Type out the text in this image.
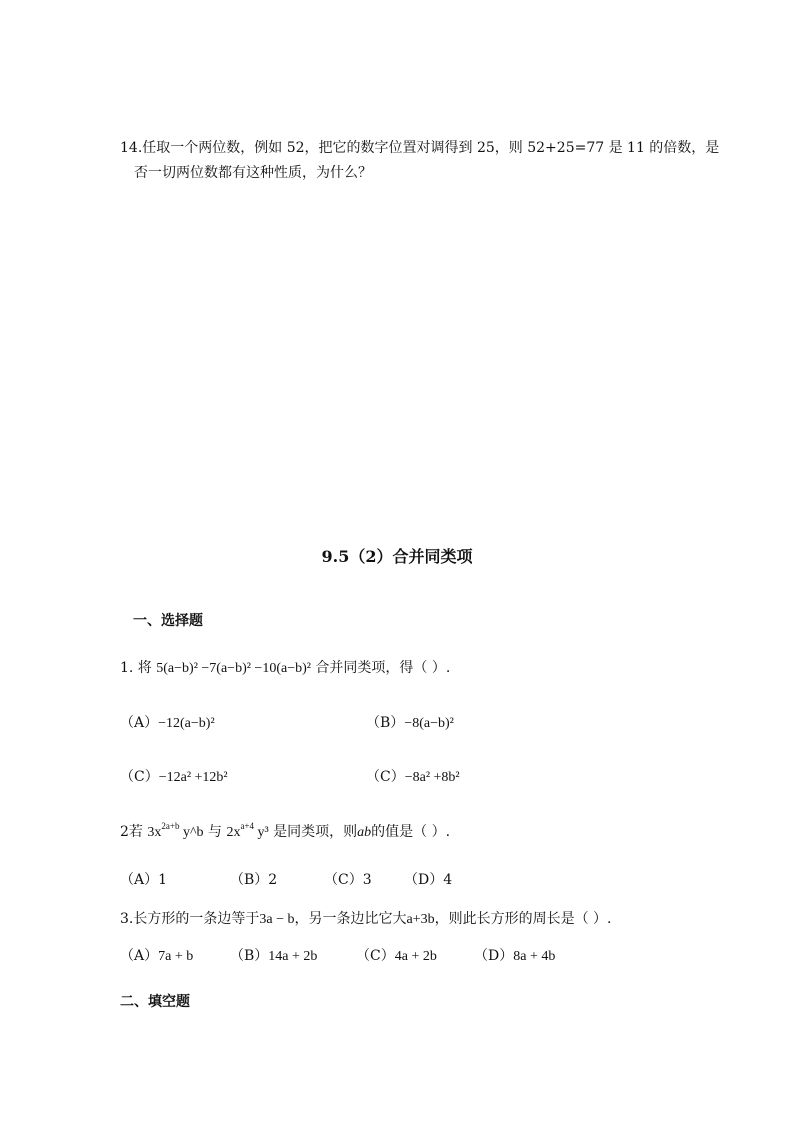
14.任取一个两位数，例如 52，把它的数字位置对调得到 25，则 52+25=77 是 11 的倍数，是
否一切两位数都有这种性质，为什么？
9.5（2）合并同类项
一、选择题
1. 将 5(a−b)² −7(a−b)² −10(a−b)² 合并同类项，得（ ）.
（A）−12(a−b)²	（B）−8(a−b)²
（C）−12a² +12b²	（C）−8a² +8b²
2若 $3x^{2a+b}$ y^b 与 $2x^{a+4}$ y³ 是同类项，则ab的值是（ ）.
（A）1	（B）2	（C）3 （D）4
3.长方形的一条边等于3a − b，另一条边比它大a+3b，则此长方形的周长是（ ）.
（A）7a + b	（B）14a + 2b	（C）4a + 2b	（D）8a + 4b
二、填空题
